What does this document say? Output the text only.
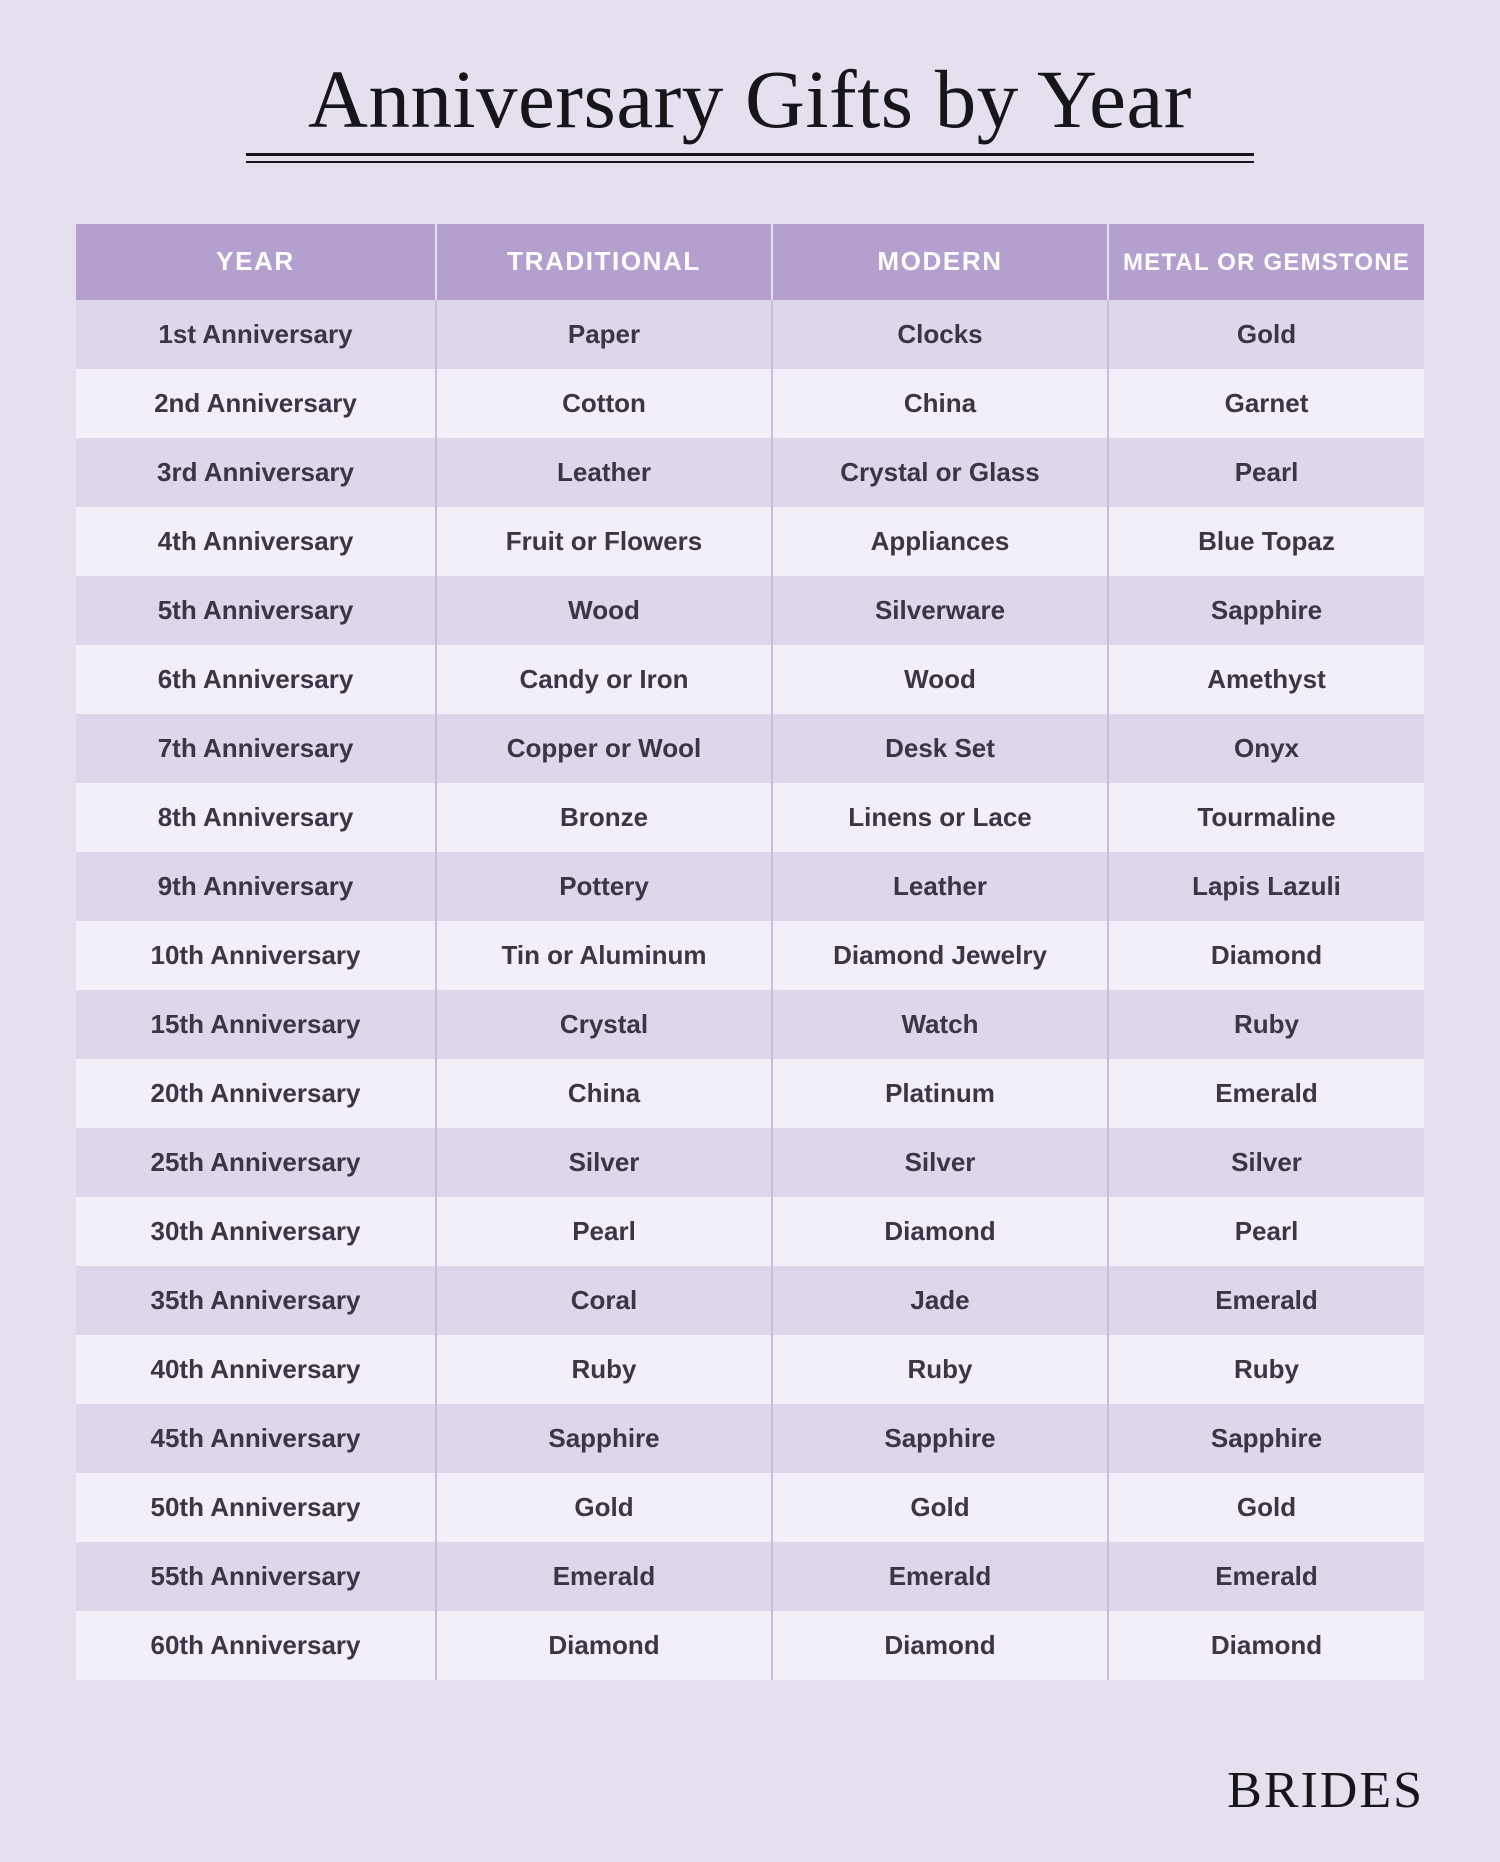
Anniversary Gifts by Year
YEAR	TRADITIONAL	MODERN	METAL OR GEMSTONE
1st Anniversary	Paper	Clocks	Gold
2nd Anniversary	Cotton	China	Garnet
3rd Anniversary	Leather	Crystal or Glass	Pearl
4th Anniversary	Fruit or Flowers	Appliances	Blue Topaz
5th Anniversary	Wood	Silverware	Sapphire
6th Anniversary	Candy or Iron	Wood	Amethyst
7th Anniversary	Copper or Wool	Desk Set	Onyx
8th Anniversary	Bronze	Linens or Lace	Tourmaline
9th Anniversary	Pottery	Leather	Lapis Lazuli
10th Anniversary	Tin or Aluminum	Diamond Jewelry	Diamond
15th Anniversary	Crystal	Watch	Ruby
20th Anniversary	China	Platinum	Emerald
25th Anniversary	Silver	Silver	Silver
30th Anniversary	Pearl	Diamond	Pearl
35th Anniversary	Coral	Jade	Emerald
40th Anniversary	Ruby	Ruby	Ruby
45th Anniversary	Sapphire	Sapphire	Sapphire
50th Anniversary	Gold	Gold	Gold
55th Anniversary	Emerald	Emerald	Emerald
60th Anniversary	Diamond	Diamond	Diamond
BRIDES
